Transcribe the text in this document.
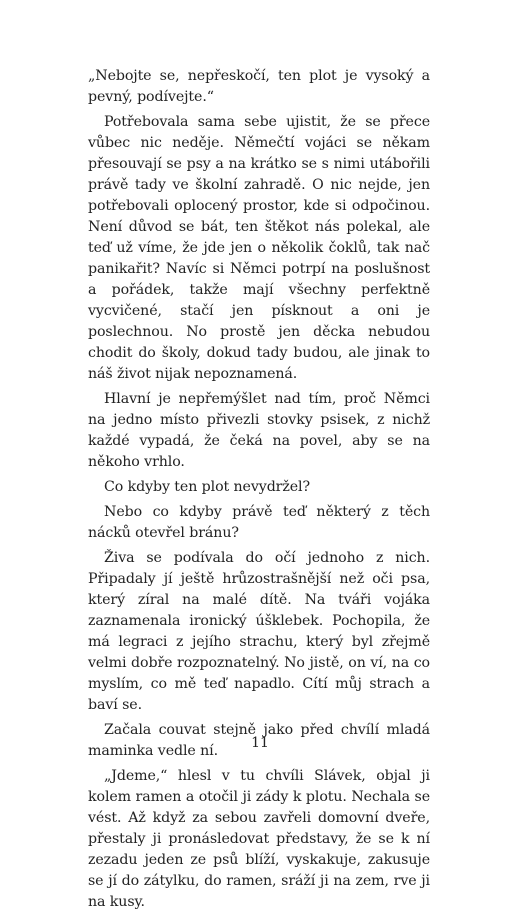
„Nebojte se, nepřeskočí, ten plot je vysoký a pevný, podívejte.“

Potřebovala sama sebe ujistit, že se přece vůbec nic neděje. Němečtí vojáci se někam přesouvají se psy a na krátko se s nimi utábořili právě tady ve školní zahradě. O nic nejde, jen potřebovali oplocený prostor, kde si odpočinou. Není důvod se bát, ten štěkot nás polekal, ale teď už víme, že jde jen o několik čoklů, tak nač panikařit? Navíc si Němci potrpí na poslušnost a pořádek, takže mají všechny perfektně vycvičené, stačí jen písknout a oni je poslechnou. No prostě jen děcka nebudou chodit do školy, dokud tady budou, ale jinak to náš život nijak nepoznamená.

Hlavní je nepřemýšlet nad tím, proč Němci na jedno místo přivezli stovky psisek, z nichž každé vypadá, že čeká na povel, aby se na někoho vrhlo.

Co kdyby ten plot nevydržel?

Nebo co kdyby právě teď některý z těch nácků otevřel bránu?

Živa se podívala do očí jednoho z nich. Připadaly jí ještě hrůzostrašnější než oči psa, který zíral na malé dítě. Na tváři vojáka zaznamenala ironický úšklebek. Pochopila, že má legraci z jejího strachu, který byl zřejmě velmi dobře rozpoznatelný. No jistě, on ví, na co myslím, co mě teď napadlo. Cítí můj strach a baví se.

Začala couvat stejně jako před chvílí mladá maminka vedle ní.

„Jdeme,“ hlesl v tu chvíli Slávek, objal ji kolem ramen a otočil ji zády k plotu. Nechala se vést. Až když za sebou zavřeli domovní dveře, přestaly ji pronásledovat představy, že se k ní zezadu jeden ze psů blíží, vyskakuje, zakusuje se jí do zátylku, do ramen, sráží ji na zem, rve ji na kusy.

11
